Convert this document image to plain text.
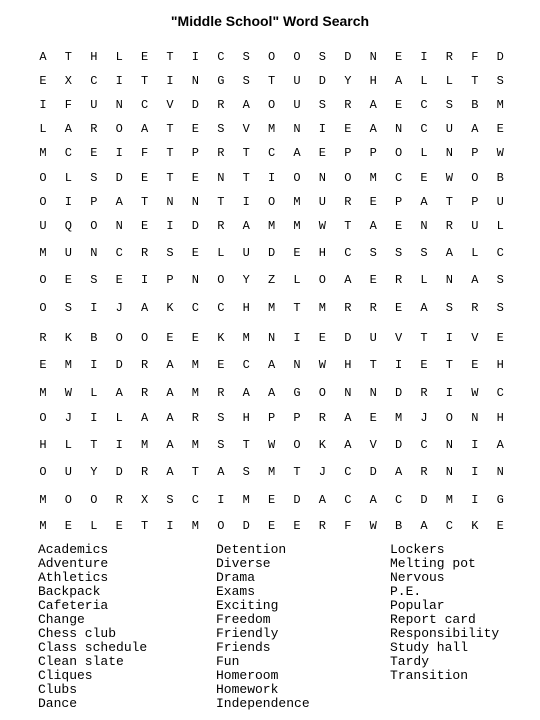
"Middle School" Word Search
A	T	H	L	E	T	I	C	S	O	O	S	D	N	E	I	R	F	D
E	X	C	I	T	I	N	G	S	T	U	D	Y	H	A	L	L	T	S
I	F	U	N	C	V	D	R	A	O	U	S	R	A	E	C	S	B	M
L	A	R	O	A	T	E	S	V	M	N	I	E	A	N	C	U	A	E
M	C	E	I	F	T	P	R	T	C	A	E	P	P	O	L	N	P	W
O	L	S	D	E	T	E	N	T	I	O	N	O	M	C	E	W	O	B
O	I	P	A	T	N	N	T	I	O	M	U	R	E	P	A	T	P	U
U	Q	O	N	E	I	D	R	A	M	M	W	T	A	E	N	R	U	L
M	U	N	C	R	S	E	L	U	D	E	H	C	S	S	S	A	L	C
O	E	S	E	I	P	N	O	Y	Z	L	O	A	E	R	L	N	A	S
O	S	I	J	A	K	C	C	H	M	T	M	R	R	E	A	S	R	S
R	K	B	O	O	E	E	K	M	N	I	E	D	U	V	T	I	V	E
E	M	I	D	R	A	M	E	C	A	N	W	H	T	I	E	T	E	H
M	W	L	A	R	A	M	R	A	A	G	O	N	N	D	R	I	W	C
O	J	I	L	A	A	R	S	H	P	P	R	A	E	M	J	O	N	H
H	L	T	I	M	A	M	S	T	W	O	K	A	V	D	C	N	I	A
O	U	Y	D	R	A	T	A	S	M	T	J	C	D	A	R	N	I	N
M	O	O	R	X	S	C	I	M	E	D	A	C	A	C	D	M	I	G
M	E	L	E	T	I	M	O	D	E	E	R	F	W	B	A	C	K	E
Academics
Adventure
Athletics
Backpack
Cafeteria
Change
Chess club
Class schedule
Clean slate
Cliques
Clubs
Dance
Detention
Diverse
Drama
Exams
Exciting
Freedom
Friendly
Friends
Fun
Homeroom
Homework
Independence
Lockers
Melting pot
Nervous
P.E.
Popular
Report card
Responsibility
Study hall
Tardy
Transition
